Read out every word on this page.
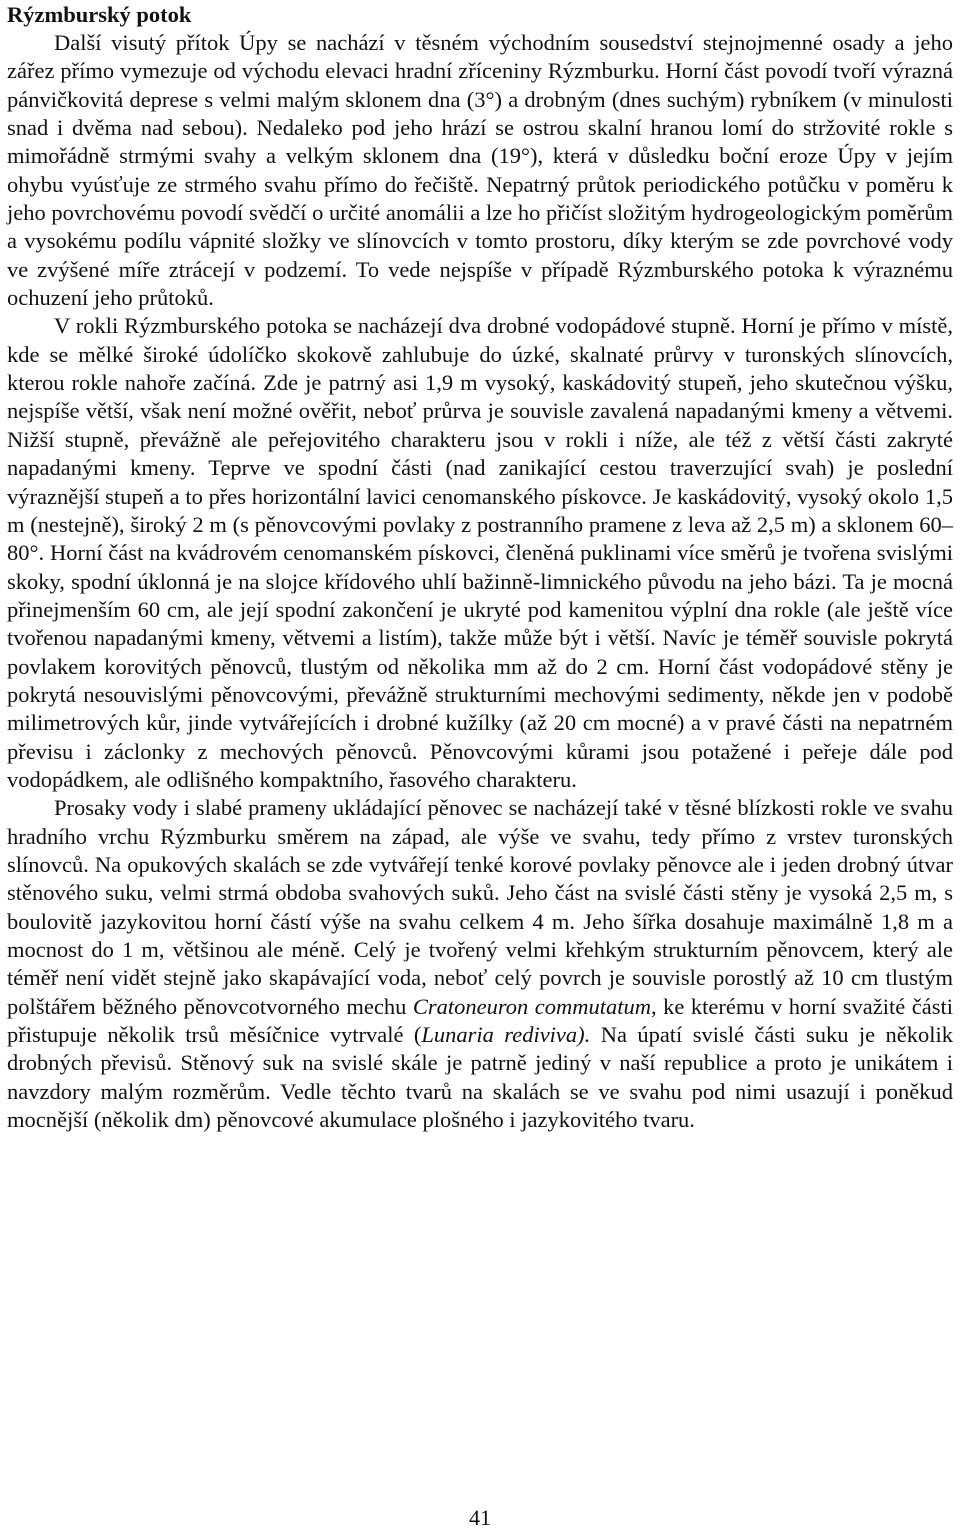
Rýzmburský potok

Další visutý přítok Úpy se nachází v těsném východním sousedství stejnojmenné osady a jeho zářez přímo vymezuje od východu elevaci hradní zříceniny Rýzmburku. Horní část povodí tvoří výrazná pánvičkovitá deprese s velmi malým sklonem dna (3°) a drobným (dnes suchým) rybníkem (v minulosti snad i dvěma nad sebou). Nedaleko pod jeho hrází se ostrou skalní hranou lomí do stržovité rokle s mimořádně strmými svahy a velkým sklonem dna (19°), která v důsledku boční eroze Úpy v jejím ohybu vyúsťuje ze strmého svahu přímo do řečiště. Nepatrný průtok periodického potůčku v poměru k jeho povrchovému povodí svědčí o určité anomálii a lze ho přičíst složitým hydrogeologickým poměrům a vysokému podílu vápnité složky ve slínovcích v tomto prostoru, díky kterým se zde povrchové vody ve zvýšené míře ztrácejí v podzemí. To vede nejspíše v případě Rýzmburského potoka k výraznému ochuzení jeho průtoků.

V rokli Rýzmburského potoka se nacházejí dva drobné vodopádové stupně. Horní je přímo v místě, kde se mělké široké údolíčko skokově zahlubuje do úzké, skalnaté průrvy v turonských slínovcích, kterou rokle nahoře začíná. Zde je patrný asi 1,9 m vysoký, kaskádovitý stupeň, jeho skutečnou výšku, nejspíše větší, však není možné ověřit, neboť průrva je souvisle zavalená napadanými kmeny a větvemi. Nižší stupně, převážně ale peřejovitého charakteru jsou v rokli i níže, ale též z větší části zakryté napadanými kmeny. Teprve ve spodní části (nad zanikající cestou traverzující svah) je poslední výraznější stupeň a to přes horizontální lavici cenomanského pískovce. Je kaskádovitý, vysoký okolo 1,5 m (nestejně), široký 2 m (s pěnovcovými povlaky z postranního pramene z leva až 2,5 m) a sklonem 60–80°. Horní část na kvádrovém cenomanském pískovci, členěná puklinami více směrů je tvořena svislými skoky, spodní úklonná je na slojce křídového uhlí bažinně-limnického původu na jeho bázi. Ta je mocná přinejmenším 60 cm, ale její spodní zakončení je ukryté pod kamenitou výplní dna rokle (ale ještě více tvořenou napadanými kmeny, větvemi a listím), takže může být i větší. Navíc je téměř souvisle pokrytá povlakem korovitých pěnovců, tlustým od několika mm až do 2 cm. Horní část vodopádové stěny je pokrytá nesouvislými pěnovcovými, převážně strukturními mechovými sedimenty, někde jen v podobě milimetrových kůr, jinde vytvářejících i drobné kužílky (až 20 cm mocné) a v pravé části na nepatrném převisu i záclonky z mechových pěnovců. Pěnovcovými kůrami jsou potažené i peřeje dále pod vodopádkem, ale odlišného kompaktního, řasového charakteru.

Prosaky vody i slabé prameny ukládající pěnovec se nacházejí také v těsné blízkosti rokle ve svahu hradního vrchu Rýzmburku směrem na západ, ale výše ve svahu, tedy přímo z vrstev turonských slínovců. Na opukových skalách se zde vytvářejí tenké korové povlaky pěnovce ale i jeden drobný útvar stěnového suku, velmi strmá obdoba svahových suků. Jeho část na svislé části stěny je vysoká 2,5 m, s boulovitě jazykovitou horní částí výše na svahu celkem 4 m. Jeho šířka dosahuje maximálně 1,8 m a mocnost do 1 m, většinou ale méně. Celý je tvořený velmi křehkým strukturním pěnovcem, který ale téměř není vidět stejně jako skapávající voda, neboť celý povrch je souvisle porostlý až 10 cm tlustým polštářem běžného pěnovcotvorného mechu Cratoneuron commutatum, ke kterému v horní svažité části přistupuje několik trsů měsíčnice vytrvalé (Lunaria rediviva). Na úpatí svislé části suku je několik drobných převisů. Stěnový suk na svislé skále je patrně jediný v naší republice a proto je unikátem i navzdory malým rozměrům. Vedle těchto tvarů na skalách se ve svahu pod nimi usazují i poněkud mocnější (několik dm) pěnovcové akumulace plošného i jazykovitého tvaru.

41
